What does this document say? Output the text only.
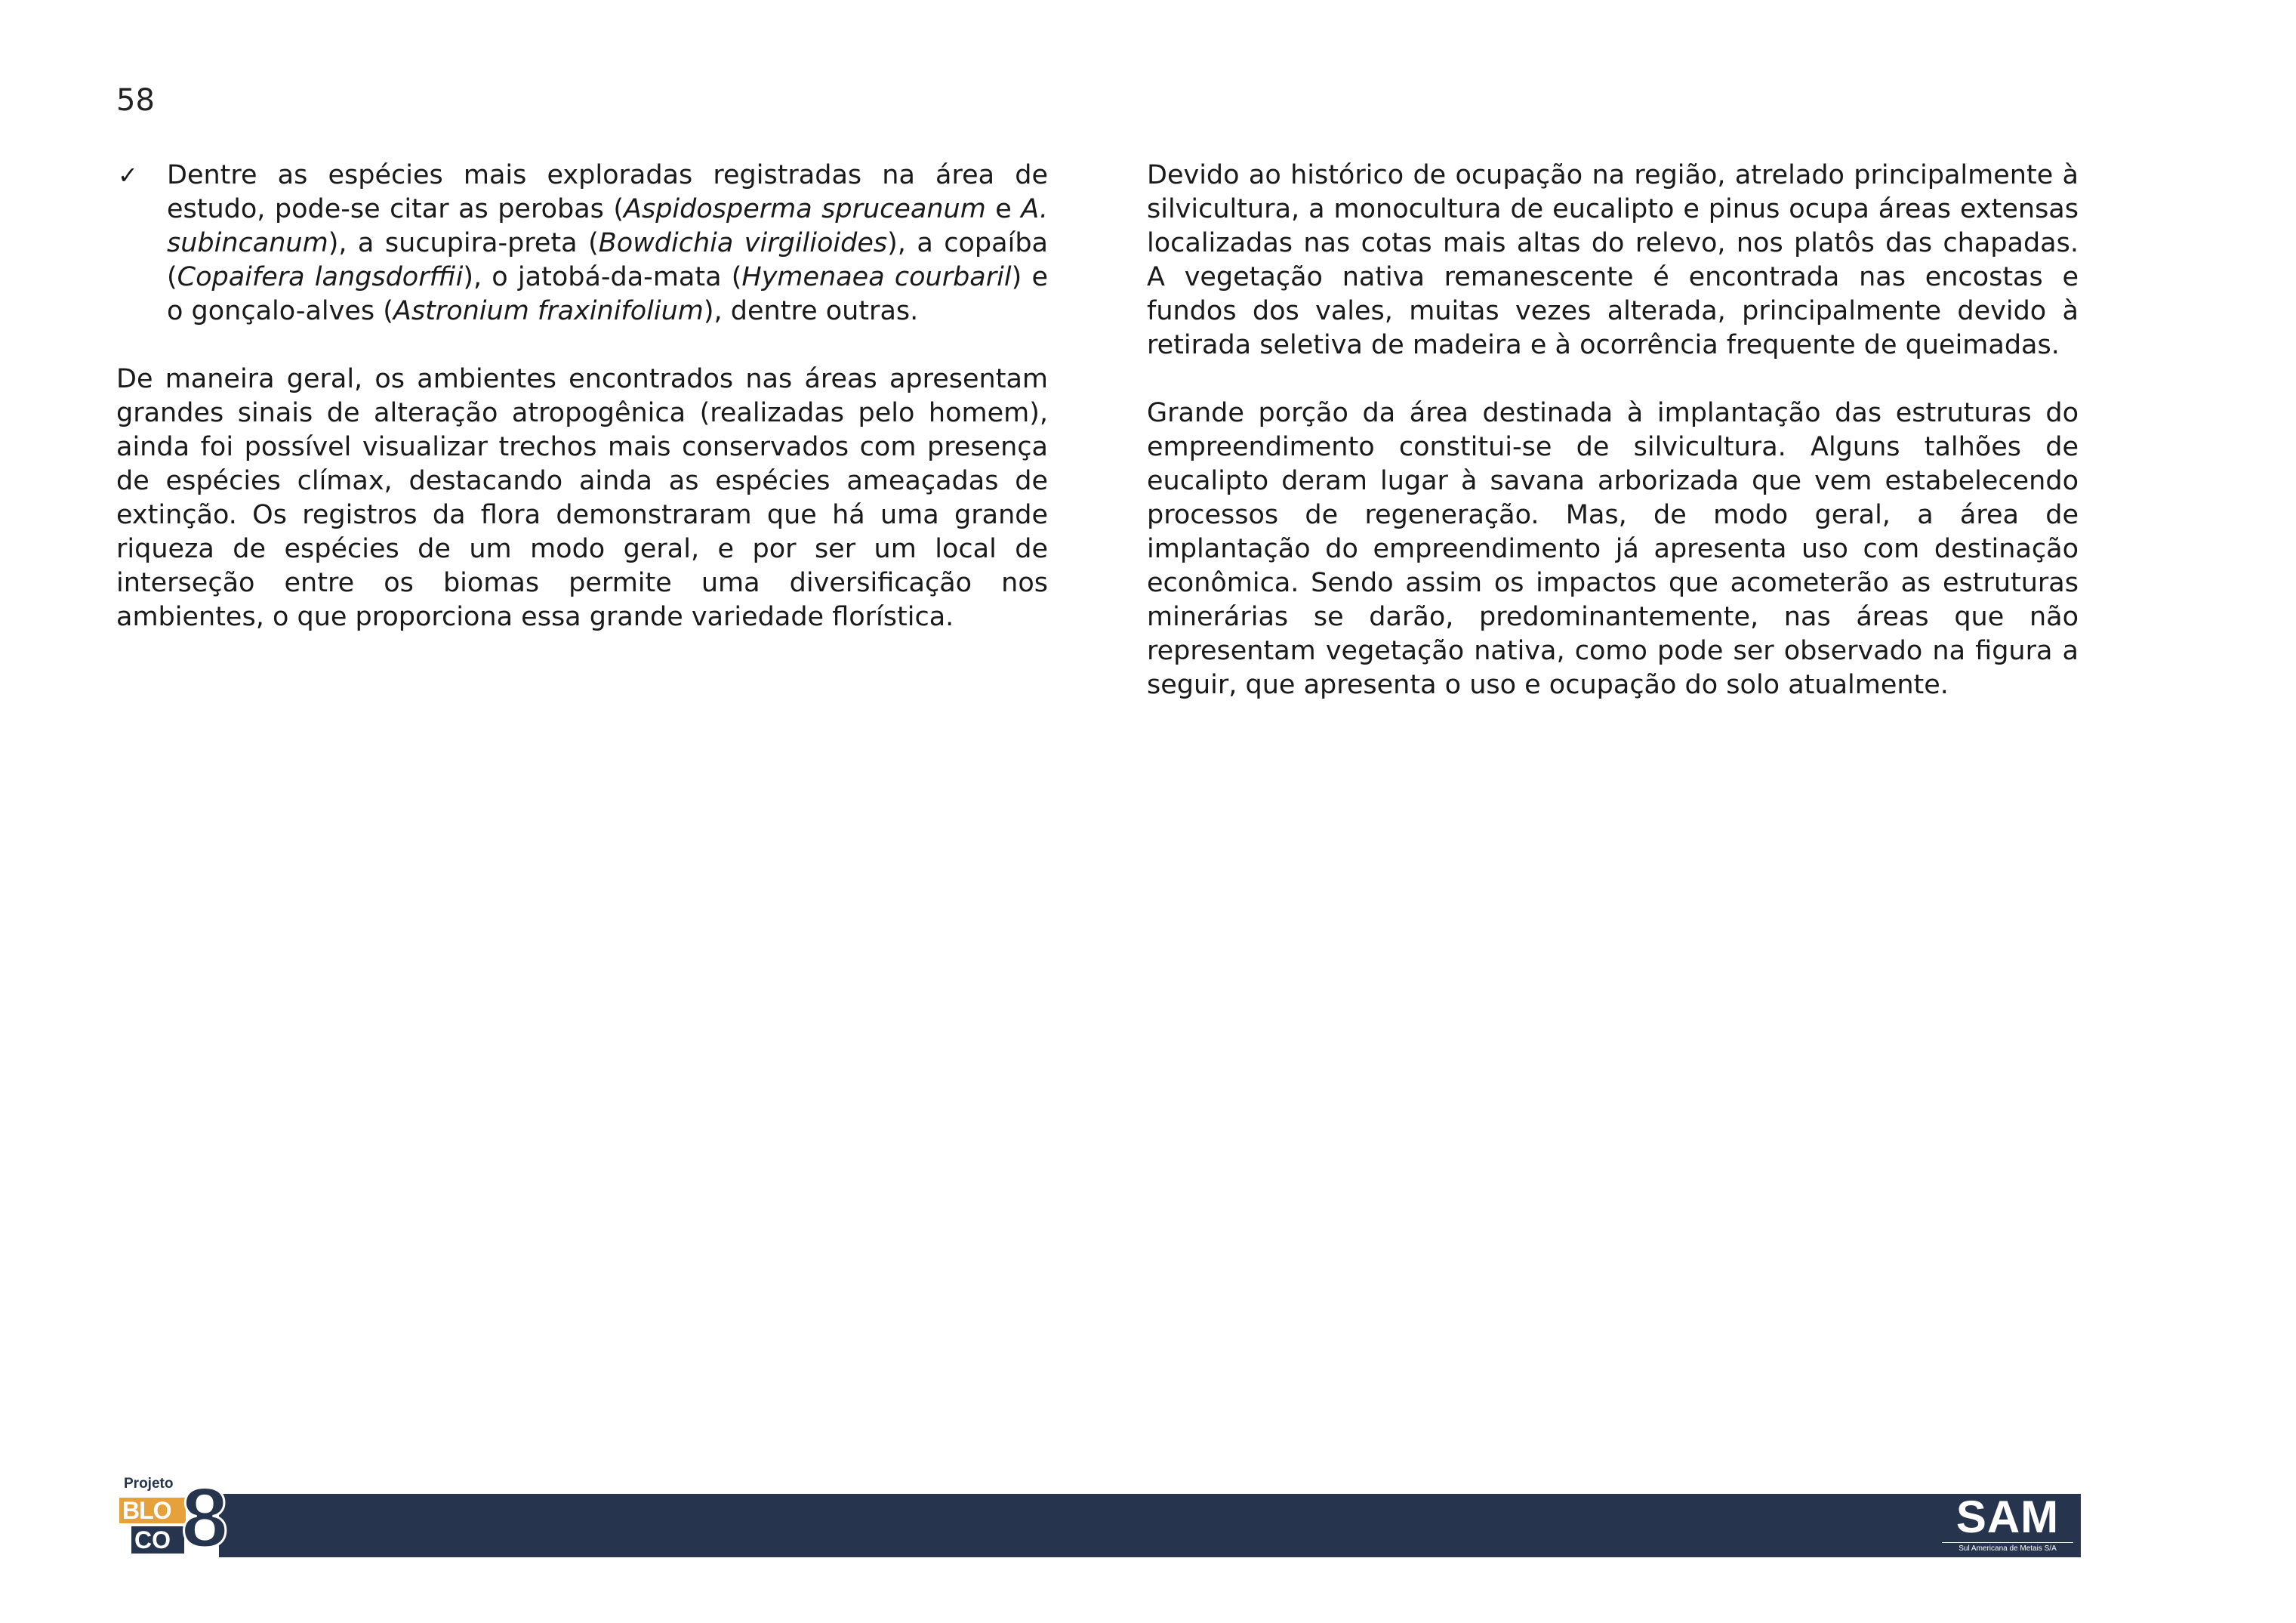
58
✓ Dentre as espécies mais exploradas registradas na área de estudo, pode-se citar as perobas (Aspidosperma spruceanum e A. subincanum), a sucupira-preta (Bowdichia virgilioides), a copaíba (Copaifera langsdorffii), o jatobá-da-mata (Hymenaea courbaril) e o gonçalo-alves (Astronium fraxinifolium), dentre outras.

De maneira geral, os ambientes encontrados nas áreas apresentam grandes sinais de alteração atropogênica (realizadas pelo homem), ainda foi possível visualizar trechos mais conservados com presença de espécies clímax, destacando ainda as espécies ameaçadas de extinção. Os registros da flora demonstraram que há uma grande riqueza de espécies de um modo geral, e por ser um local de interseção entre os biomas permite uma diversificação nos ambientes, o que proporciona essa grande variedade florística.

Devido ao histórico de ocupação na região, atrelado principalmente à silvicultura, a monocultura de eucalipto e pinus ocupa áreas extensas localizadas nas cotas mais altas do relevo, nos platôs das chapadas. A vegetação nativa remanescente é encontrada nas encostas e fundos dos vales, muitas vezes alterada, principalmente devido à retirada seletiva de madeira e à ocorrência frequente de queimadas.

Grande porção da área destinada à implantação das estruturas do empreendimento constitui-se de silvicultura. Alguns talhões de eucalipto deram lugar à savana arborizada que vem estabelecendo processos de regeneração. Mas, de modo geral, a área de implantação do empreendimento já apresenta uso com destinação econômica. Sendo assim os impactos que acometerão as estruturas minerárias se darão, predominantemente, nas áreas que não representam vegetação nativa, como pode ser observado na figura a seguir, que apresenta o uso e ocupação do solo atualmente.

SAM
Sul Americana de Metais S/A
Projeto
BLO
CO 8
